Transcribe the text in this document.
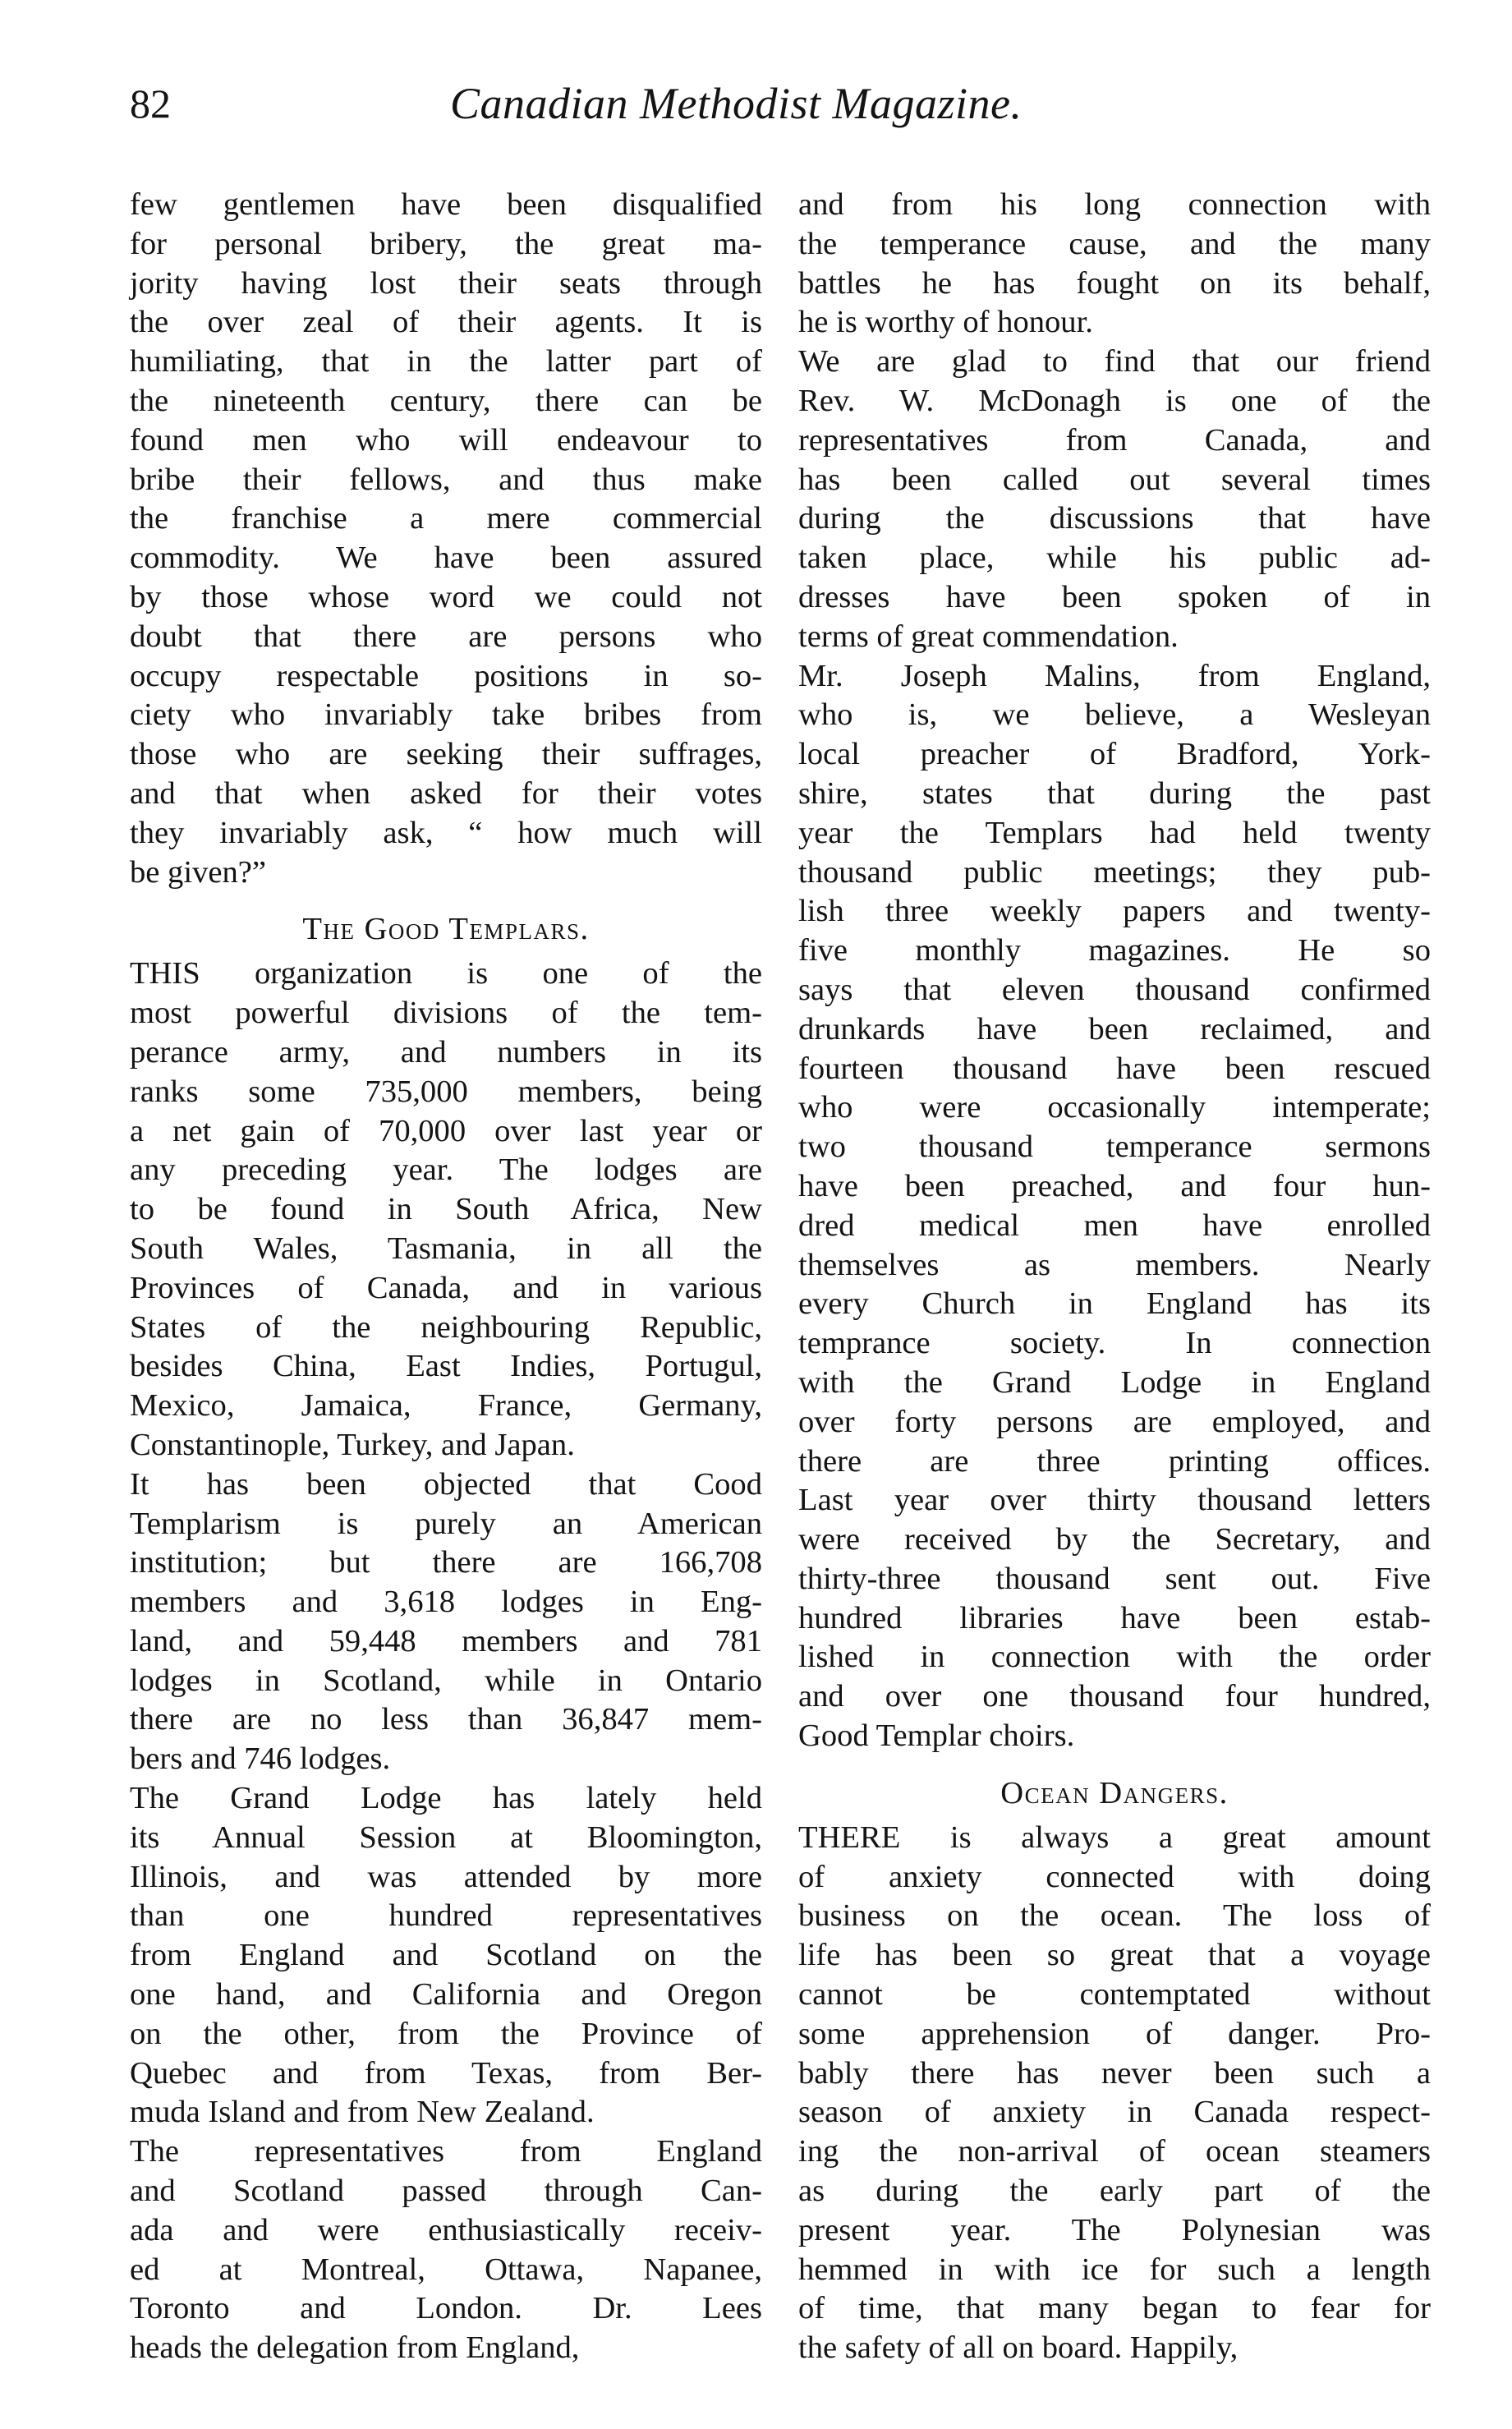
82	Canadian Methodist Magazine.
few gentlemen have been disqualified
for personal bribery, the great ma-
jority having lost their seats through
the over zeal of their agents. It is
humiliating, that in the latter part of
the nineteenth century, there can be
found men who will endeavour to
bribe their fellows, and thus make
the franchise a mere commercial
commodity. We have been assured
by those whose word we could not
doubt that there are persons who
occupy respectable positions in so-
ciety who invariably take bribes from
those who are seeking their suffrages,
and that when asked for their votes
they invariably ask, “ how much will
be given?”
The Good Templars.
THIS organization is one of the
most powerful divisions of the tem-
perance army, and numbers in its
ranks some 735,000 members, being
a net gain of 70,000 over last year or
any preceding year. The lodges are
to be found in South Africa, New
South Wales, Tasmania, in all the
Provinces of Canada, and in various
States of the neighbouring Republic,
besides China, East Indies, Portugul,
Mexico, Jamaica, France, Germany,
Constantinople, Turkey, and Japan.
It has been objected that Cood
Templarism is purely an American
institution; but there are 166,708
members and 3,618 lodges in Eng-
land, and 59,448 members and 781
lodges in Scotland, while in Ontario
there are no less than 36,847 mem-
bers and 746 lodges.
The Grand Lodge has lately held
its Annual Session at Bloomington,
Illinois, and was attended by more
than one hundred representatives
from England and Scotland on the
one hand, and California and Oregon
on the other, from the Province of
Quebec and from Texas, from Ber-
muda Island and from New Zealand.
The representatives from England
and Scotland passed through Can-
ada and were enthusiastically receiv-
ed at Montreal, Ottawa, Napanee,
Toronto and London. Dr. Lees
heads the delegation from England,
and from his long connection with
the temperance cause, and the many
battles he has fought on its behalf,
he is worthy of honour.
We are glad to find that our friend
Rev. W. McDonagh is one of the
representatives from Canada, and
has been called out several times
during the discussions that have
taken place, while his public ad-
dresses have been spoken of in
terms of great commendation.
Mr. Joseph Malins, from England,
who is, we believe, a Wesleyan
local preacher of Bradford, York-
shire, states that during the past
year the Templars had held twenty
thousand public meetings; they pub-
lish three weekly papers and twenty-
five monthly magazines. He so
says that eleven thousand confirmed
drunkards have been reclaimed, and
fourteen thousand have been rescued
who were occasionally intemperate;
two thousand temperance sermons
have been preached, and four hun-
dred medical men have enrolled
themselves as members. Nearly
every Church in England has its
temprance society. In connection
with the Grand Lodge in England
over forty persons are employed, and
there are three printing offices.
Last year over thirty thousand letters
were received by the Secretary, and
thirty-three thousand sent out. Five
hundred libraries have been estab-
lished in connection with the order
and over one thousand four hundred,
Good Templar choirs.
Ocean Dangers.
THERE is always a great amount
of anxiety connected with doing
business on the ocean. The loss of
life has been so great that a voyage
cannot be contemptated without
some apprehension of danger. Pro-
bably there has never been such a
season of anxiety in Canada respect-
ing the non-arrival of ocean steamers
as during the early part of the
present year. The Polynesian was
hemmed in with ice for such a length
of time, that many began to fear for
the safety of all on board. Happily,
